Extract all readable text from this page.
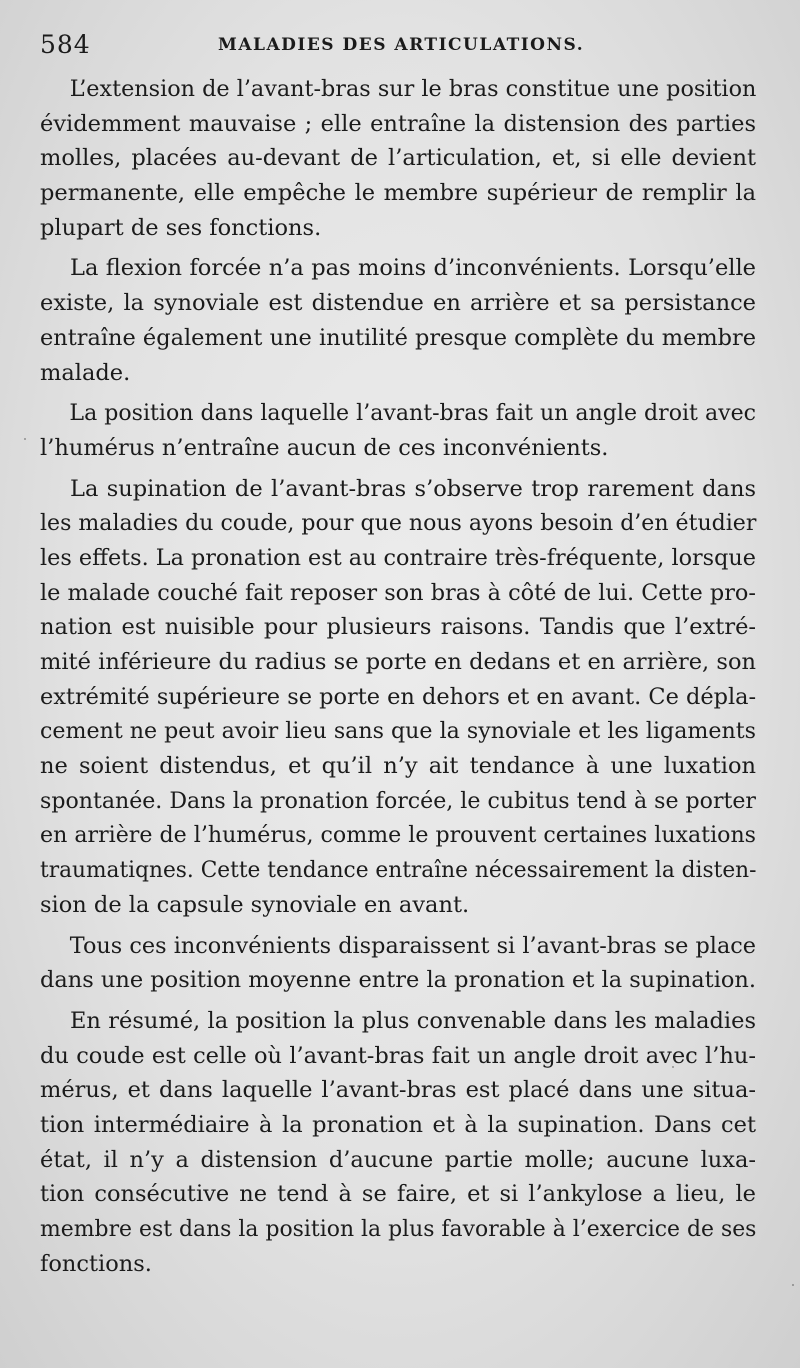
584	MALADIES DES ARTICULATIONS.
L’extension de l’avant-bras sur le bras constitue une position
évidemment mauvaise ; elle entraîne la distension des parties
molles, placées au-devant de l’articulation, et, si elle devient
permanente, elle empêche le membre supérieur de remplir la
plupart de ses fonctions.
La flexion forcée n’a pas moins d’inconvénients. Lorsqu’elle
existe, la synoviale est distendue en arrière et sa persistance
entraîne également une inutilité presque complète du membre
malade.
La position dans laquelle l’avant-bras fait un angle droit avec
l’humérus n’entraîne aucun de ces inconvénients.
La supination de l’avant-bras s’observe trop rarement dans
les maladies du coude, pour que nous ayons besoin d’en étudier
les effets. La pronation est au contraire très-fréquente, lorsque
le malade couché fait reposer son bras à côté de lui. Cette pro-
nation est nuisible pour plusieurs raisons. Tandis que l’extré-
mité inférieure du radius se porte en dedans et en arrière, son
extrémité supérieure se porte en dehors et en avant. Ce dépla-
cement ne peut avoir lieu sans que la synoviale et les ligaments
ne soient distendus, et qu’il n’y ait tendance à une luxation
spontanée. Dans la pronation forcée, le cubitus tend à se porter
en arrière de l’humérus, comme le prouvent certaines luxations
traumatiqnes. Cette tendance entraîne nécessairement la disten-
sion de la capsule synoviale en avant.
Tous ces inconvénients disparaissent si l’avant-bras se place
dans une position moyenne entre la pronation et la supination.
En résumé, la position la plus convenable dans les maladies
du coude est celle où l’avant-bras fait un angle droit avec l’hu-
mérus, et dans laquelle l’avant-bras est placé dans une situa-
tion intermédiaire à la pronation et à la supination. Dans cet
état, il n’y a distension d’aucune partie molle; aucune luxa-
tion consécutive ne tend à se faire, et si l’ankylose a lieu, le
membre est dans la position la plus favorable à l’exercice de ses
fonctions.
